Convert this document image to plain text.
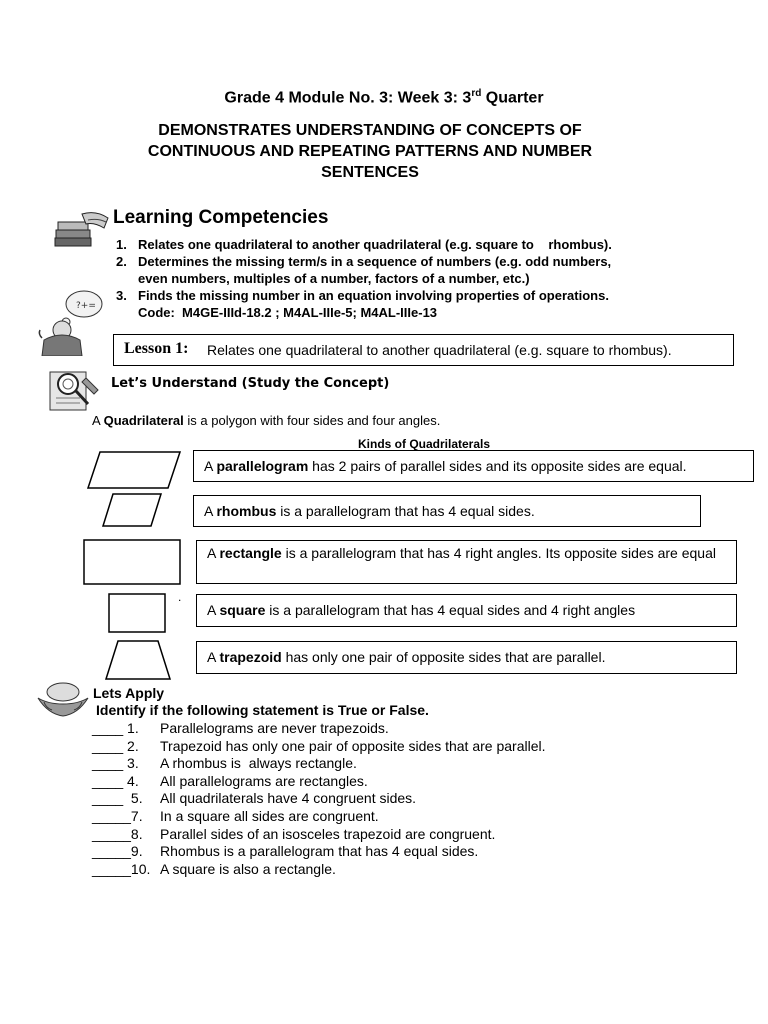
Grade 4 Module No. 3: Week 3: 3rd Quarter
DEMONSTRATES UNDERSTANDING OF CONCEPTS OF
CONTINUOUS AND REPEATING PATTERNS AND NUMBER
SENTENCES
Learning Competencies
1. Relates one quadrilateral to another quadrilateral (e.g. square to    rhombus).
2. Determines the missing term/s in a sequence of numbers (e.g. odd numbers,
even numbers, multiples of a number, factors of a number, etc.)
3. Finds the missing number in an equation involving properties of operations.
Code:  M4GE-IIId-18.2 ; M4AL-IIIe-5; M4AL-IIIe-13
?+=
Lesson 1: Relates one quadrilateral to another quadrilateral (e.g. square to rhombus).
Let’s Understand (Study the Concept)
A Quadrilateral is a polygon with four sides and four angles.
Kinds of Quadrilaterals
A parallelogram has 2 pairs of parallel sides and its opposite sides are equal.
A rhombus is a parallelogram that has 4 equal sides.
A rectangle is a parallelogram that has 4 right angles. Its opposite sides are equal
.
A square is a parallelogram that has 4 equal sides and 4 right angles
A trapezoid has only one pair of opposite sides that are parallel.
Lets Apply
Identify if the following statement is True or False.
____ 1.	Parallelograms are never trapezoids.
____ 2.	Trapezoid has only one pair of opposite sides that are parallel.
____ 3.	A rhombus is  always rectangle.
____ 4.	All parallelograms are rectangles.
____  5.	All quadrilaterals have 4 congruent sides.
_____7.	In a square all sides are congruent.
_____8.	Parallel sides of an isosceles trapezoid are congruent.
_____9.	Rhombus is a parallelogram that has 4 equal sides.
_____10. A square is also a rectangle.
